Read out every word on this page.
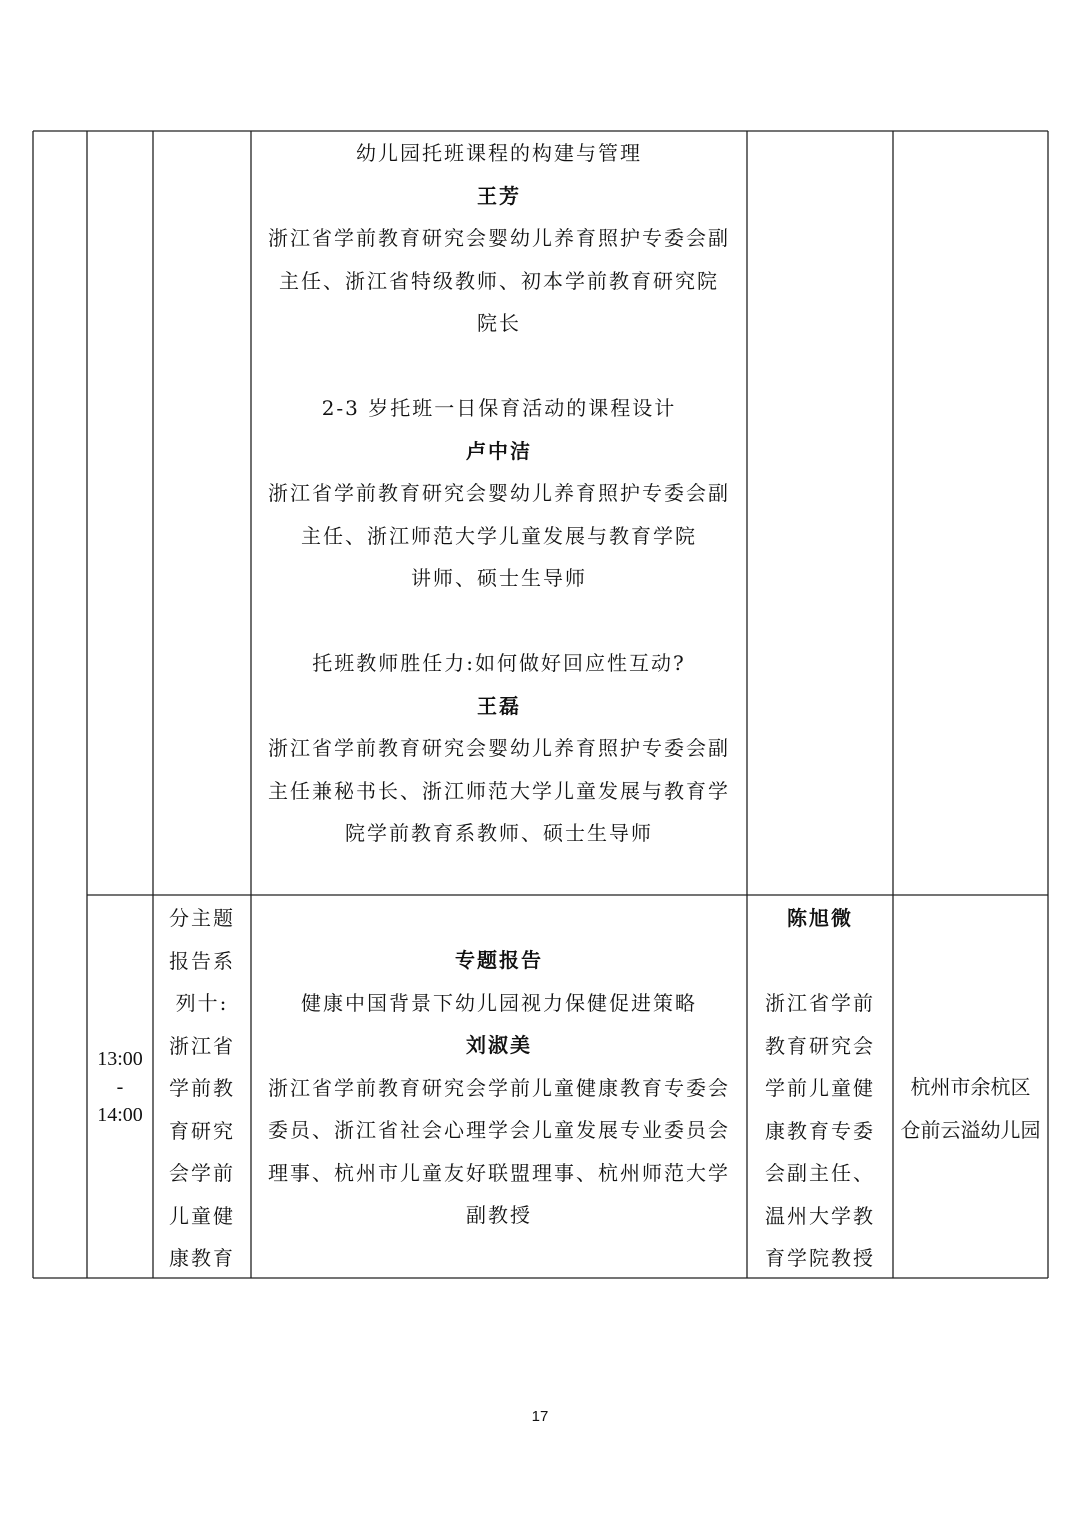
幼儿园托班课程的构建与管理
王芳
浙江省学前教育研究会婴幼儿养育照护专委会副
主任、浙江省特级教师、初本学前教育研究院
院长
2-3 岁托班一日保育活动的课程设计
卢中洁
浙江省学前教育研究会婴幼儿养育照护专委会副
主任、浙江师范大学儿童发展与教育学院
讲师、硕士生导师
托班教师胜任力:如何做好回应性互动?
王磊
浙江省学前教育研究会婴幼儿养育照护专委会副
主任兼秘书长、浙江师范大学儿童发展与教育学
院学前教育系教师、硕士生导师
13:00
-
14:00
分主题
报告系
列十:
浙江省
学前教
育研究
会学前
儿童健
康教育
专题报告
健康中国背景下幼儿园视力保健促进策略
刘淑美
浙江省学前教育研究会学前儿童健康教育专委会
委员、浙江省社会心理学会儿童发展专业委员会
理事、杭州市儿童友好联盟理事、杭州师范大学
副教授
陈旭微
浙江省学前
教育研究会
学前儿童健
康教育专委
会副主任、
温州大学教
育学院教授
杭州市余杭区
仓前云溢幼儿园
17
